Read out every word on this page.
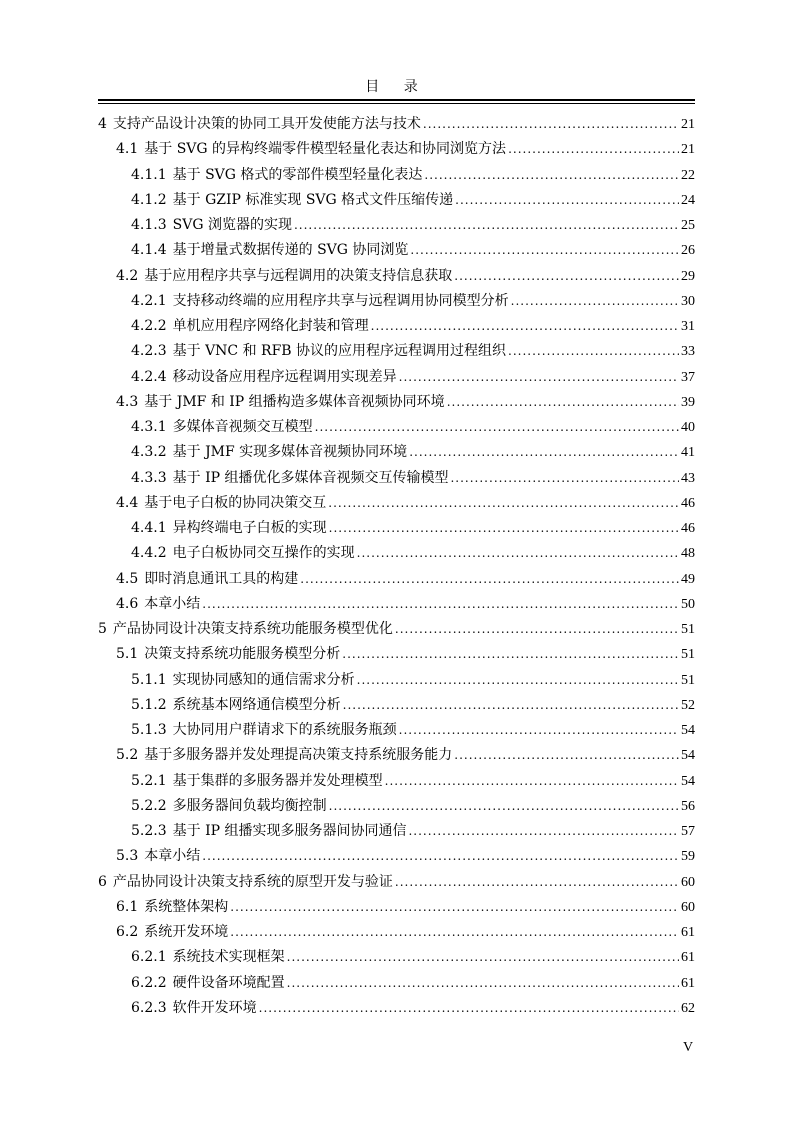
目 录
4 支持产品设计决策的协同工具开发使能方法与技术 .....	21
4.1 基于 SVG 的异构终端零件模型轻量化表达和协同浏览方法 .....	21
4.1.1 基于 SVG 格式的零部件模型轻量化表达 .....	22
4.1.2 基于 GZIP 标准实现 SVG 格式文件压缩传递 .....	24
4.1.3 SVG 浏览器的实现 .....	25
4.1.4 基于增量式数据传递的 SVG 协同浏览 .....	26
4.2 基于应用程序共享与远程调用的决策支持信息获取 .....	29
4.2.1 支持移动终端的应用程序共享与远程调用协同模型分析 .....	30
4.2.2 单机应用程序网络化封装和管理 .....	31
4.2.3 基于 VNC 和 RFB 协议的应用程序远程调用过程组织 .....	33
4.2.4 移动设备应用程序远程调用实现差异 .....	37
4.3 基于 JMF 和 IP 组播构造多媒体音视频协同环境 .....	39
4.3.1 多媒体音视频交互模型 .....	40
4.3.2 基于 JMF 实现多媒体音视频协同环境 .....	41
4.3.3 基于 IP 组播优化多媒体音视频交互传输模型 .....	43
4.4 基于电子白板的协同决策交互 .....	46
4.4.1 异构终端电子白板的实现 .....	46
4.4.2 电子白板协同交互操作的实现 .....	48
4.5 即时消息通讯工具的构建 .....	49
4.6 本章小结 .....	50
5 产品协同设计决策支持系统功能服务模型优化 .....	51
5.1 决策支持系统功能服务模型分析 .....	51
5.1.1 实现协同感知的通信需求分析 .....	51
5.1.2 系统基本网络通信模型分析 .....	52
5.1.3 大协同用户群请求下的系统服务瓶颈 .....	54
5.2 基于多服务器并发处理提高决策支持系统服务能力 .....	54
5.2.1 基于集群的多服务器并发处理模型 .....	54
5.2.2 多服务器间负载均衡控制 .....	56
5.2.3 基于 IP 组播实现多服务器间协同通信 .....	57
5.3 本章小结 .....	59
6 产品协同设计决策支持系统的原型开发与验证 .....	60
6.1 系统整体架构 .....	60
6.2 系统开发环境 .....	61
6.2.1 系统技术实现框架 .....	61
6.2.2 硬件设备环境配置 .....	61
6.2.3 软件开发环境 .....	62
V
